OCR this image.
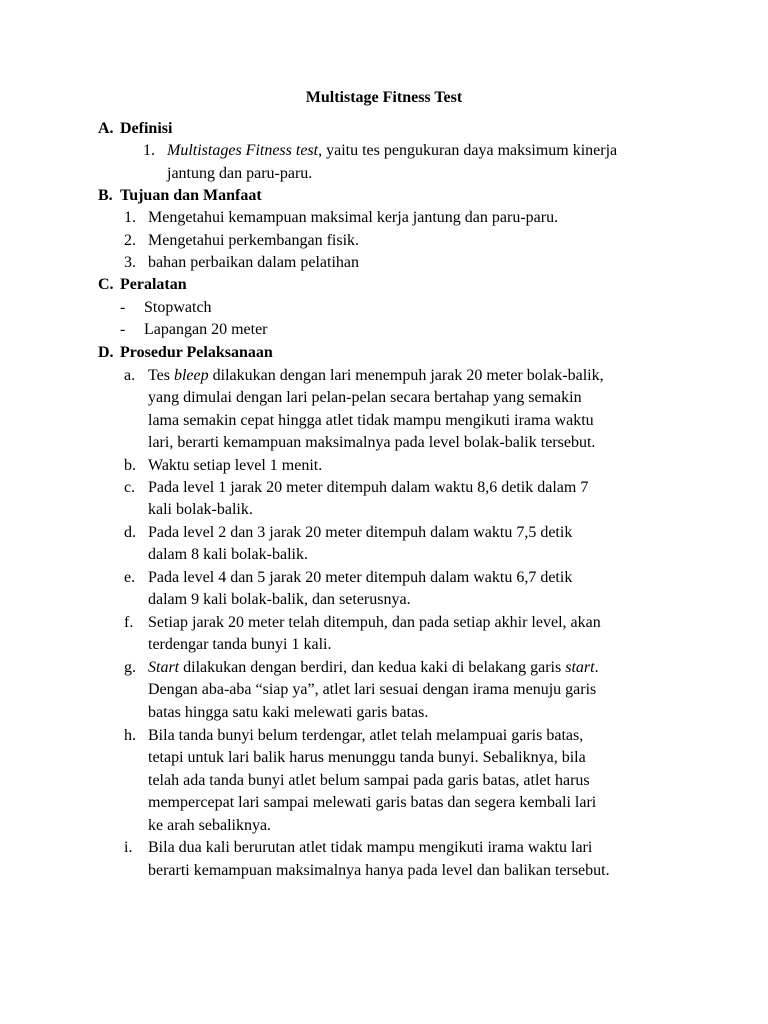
Multistage Fitness Test
A. Definisi
1. Multistages Fitness test, yaitu tes pengukuran daya maksimum kinerja
jantung dan paru-paru.
B. Tujuan dan Manfaat
1. Mengetahui kemampuan maksimal kerja jantung dan paru-paru.
2. Mengetahui perkembangan fisik.
3. bahan perbaikan dalam pelatihan
C. Peralatan
- Stopwatch
- Lapangan 20 meter
D. Prosedur Pelaksanaan
a. Tes bleep dilakukan dengan lari menempuh jarak 20 meter bolak-balik,
yang dimulai dengan lari pelan-pelan secara bertahap yang semakin
lama semakin cepat hingga atlet tidak mampu mengikuti irama waktu
lari, berarti kemampuan maksimalnya pada level bolak-balik tersebut.
b. Waktu setiap level 1 menit.
c. Pada level 1 jarak 20 meter ditempuh dalam waktu 8,6 detik dalam 7
kali bolak-balik.
d. Pada level 2 dan 3 jarak 20 meter ditempuh dalam waktu 7,5 detik
dalam 8 kali bolak-balik.
e. Pada level 4 dan 5 jarak 20 meter ditempuh dalam waktu 6,7 detik
dalam 9 kali bolak-balik, dan seterusnya.
f. Setiap jarak 20 meter telah ditempuh, dan pada setiap akhir level, akan
terdengar tanda bunyi 1 kali.
g. Start dilakukan dengan berdiri, dan kedua kaki di belakang garis start.
Dengan aba-aba “siap ya”, atlet lari sesuai dengan irama menuju garis
batas hingga satu kaki melewati garis batas.
h. Bila tanda bunyi belum terdengar, atlet telah melampuai garis batas,
tetapi untuk lari balik harus menunggu tanda bunyi. Sebaliknya, bila
telah ada tanda bunyi atlet belum sampai pada garis batas, atlet harus
mempercepat lari sampai melewati garis batas dan segera kembali lari
ke arah sebaliknya.
i. Bila dua kali berurutan atlet tidak mampu mengikuti irama waktu lari
berarti kemampuan maksimalnya hanya pada level dan balikan tersebut.
